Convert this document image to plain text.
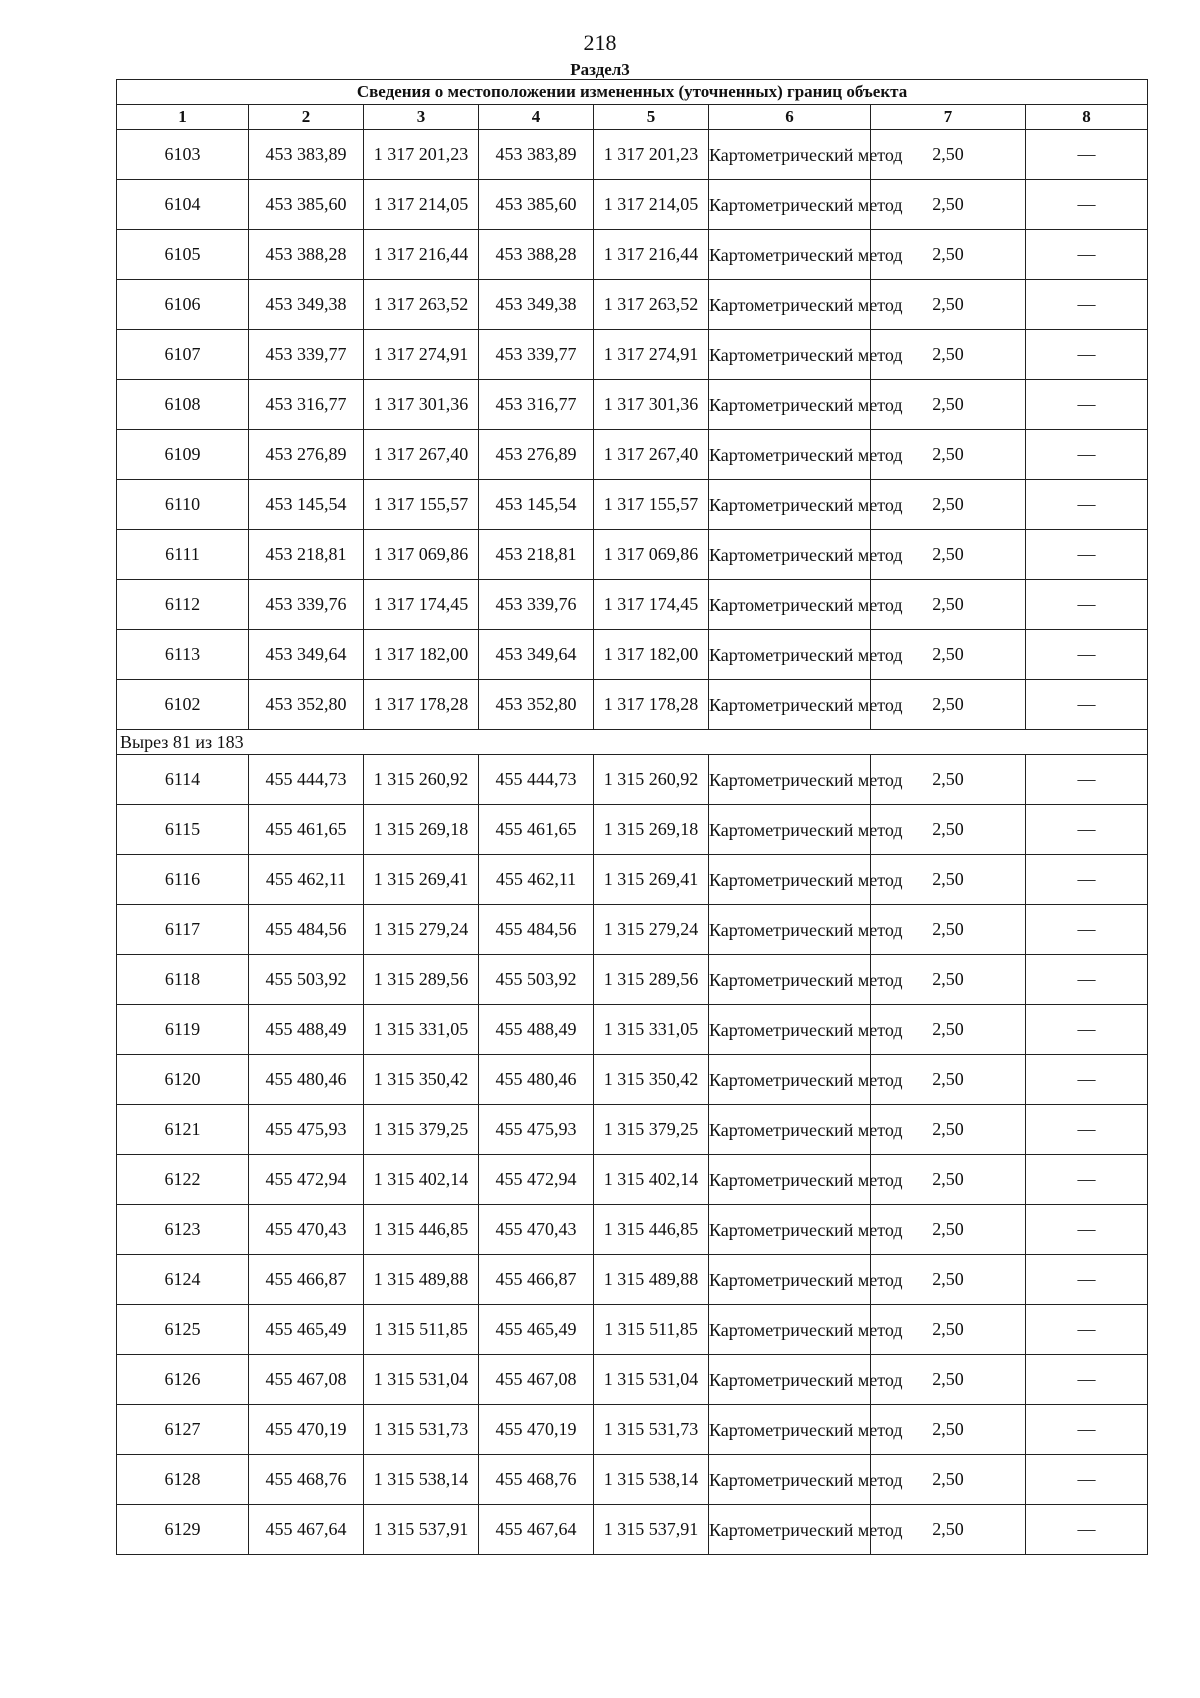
218
Раздел3
Сведения о местоположении измененных (уточненных) границ объекта							
1	2	3	4	5	6	7	8
6103	453 383,89	1 317 201,23	453 383,89	1 317 201,23	Картометрический метод	2,50	—
6104	453 385,60	1 317 214,05	453 385,60	1 317 214,05	Картометрический метод	2,50	—
6105	453 388,28	1 317 216,44	453 388,28	1 317 216,44	Картометрический метод	2,50	—
6106	453 349,38	1 317 263,52	453 349,38	1 317 263,52	Картометрический метод	2,50	—
6107	453 339,77	1 317 274,91	453 339,77	1 317 274,91	Картометрический метод	2,50	—
6108	453 316,77	1 317 301,36	453 316,77	1 317 301,36	Картометрический метод	2,50	—
6109	453 276,89	1 317 267,40	453 276,89	1 317 267,40	Картометрический метод	2,50	—
6110	453 145,54	1 317 155,57	453 145,54	1 317 155,57	Картометрический метод	2,50	—
6111	453 218,81	1 317 069,86	453 218,81	1 317 069,86	Картометрический метод	2,50	—
6112	453 339,76	1 317 174,45	453 339,76	1 317 174,45	Картометрический метод	2,50	—
6113	453 349,64	1 317 182,00	453 349,64	1 317 182,00	Картометрический метод	2,50	—
6102	453 352,80	1 317 178,28	453 352,80	1 317 178,28	Картометрический метод	2,50	—
Вырез 81 из 183							
6114	455 444,73	1 315 260,92	455 444,73	1 315 260,92	Картометрический метод	2,50	—
6115	455 461,65	1 315 269,18	455 461,65	1 315 269,18	Картометрический метод	2,50	—
6116	455 462,11	1 315 269,41	455 462,11	1 315 269,41	Картометрический метод	2,50	—
6117	455 484,56	1 315 279,24	455 484,56	1 315 279,24	Картометрический метод	2,50	—
6118	455 503,92	1 315 289,56	455 503,92	1 315 289,56	Картометрический метод	2,50	—
6119	455 488,49	1 315 331,05	455 488,49	1 315 331,05	Картометрический метод	2,50	—
6120	455 480,46	1 315 350,42	455 480,46	1 315 350,42	Картометрический метод	2,50	—
6121	455 475,93	1 315 379,25	455 475,93	1 315 379,25	Картометрический метод	2,50	—
6122	455 472,94	1 315 402,14	455 472,94	1 315 402,14	Картометрический метод	2,50	—
6123	455 470,43	1 315 446,85	455 470,43	1 315 446,85	Картометрический метод	2,50	—
6124	455 466,87	1 315 489,88	455 466,87	1 315 489,88	Картометрический метод	2,50	—
6125	455 465,49	1 315 511,85	455 465,49	1 315 511,85	Картометрический метод	2,50	—
6126	455 467,08	1 315 531,04	455 467,08	1 315 531,04	Картометрический метод	2,50	—
6127	455 470,19	1 315 531,73	455 470,19	1 315 531,73	Картометрический метод	2,50	—
6128	455 468,76	1 315 538,14	455 468,76	1 315 538,14	Картометрический метод	2,50	—
6129	455 467,64	1 315 537,91	455 467,64	1 315 537,91	Картометрический метод	2,50	—
